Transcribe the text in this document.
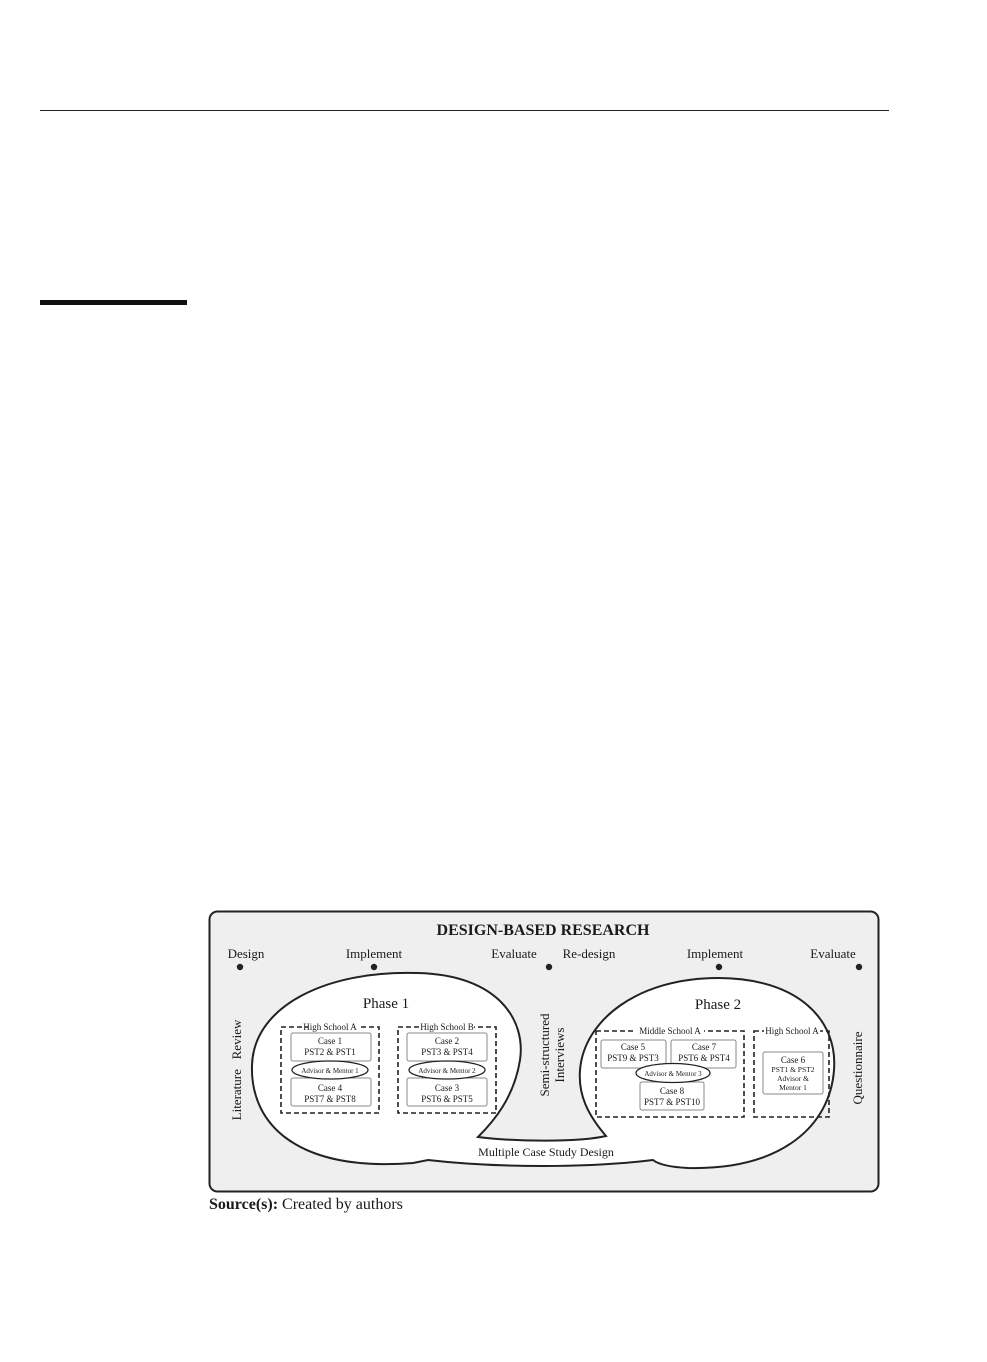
DESIGN-BASED RESEARCH
Design	Implement	Evaluate Re-design	Implement	Evaluate
Literature   Review	Semi-structured Interviews	Questionnaire
Phase 1
High School A
Case 1
PST2 & PST1
Advisor & Mentor 1
Case 4
PST7 & PST8
High School B
Case 2
PST3 & PST4
Advisor & Mentor 2
Case 3
PST6 & PST5
Phase 2
Middle School A
Case 5
PST9 & PST3
Case 7
PST6 & PST4
Advisor & Mentor 3
Case 8
PST7 & PST10
High School A
Case 6
PST1 & PST2
Advisor &
Mentor 1
Multiple Case Study Design
Source(s): Created by authors
